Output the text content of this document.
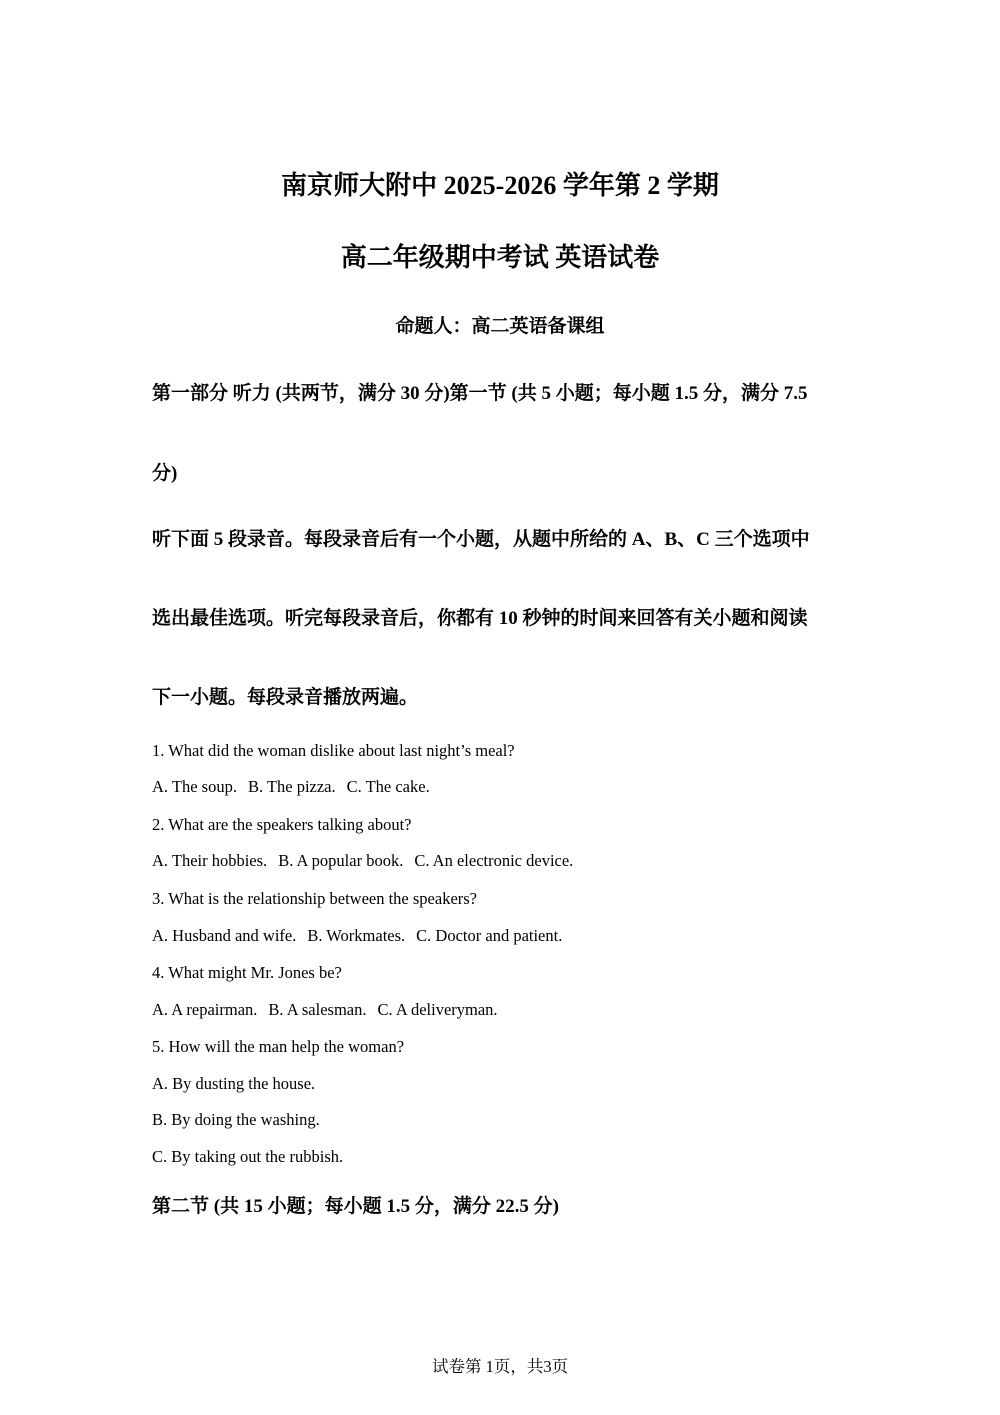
南京师大附中 2025-2026 学年第 2 学期
高二年级期中考试 英语试卷
命题人：高二英语备课组
第一部分 听力 (共两节，满分 30 分)第一节 (共 5 小题；每小题 1.5 分，满分 7.5
分)
听下面 5 段录音。每段录音后有一个小题，从题中所给的 A、B、C 三个选项中
选出最佳选项。听完每段录音后，你都有 10 秒钟的时间来回答有关小题和阅读
下一小题。每段录音播放两遍。
1. What did the woman dislike about last night’s meal?
A. The soup. B. The pizza. C. The cake.
2. What are the speakers talking about?
A. Their hobbies. B. A popular book. C. An electronic device.
3. What is the relationship between the speakers?
A. Husband and wife. B. Workmates. C. Doctor and patient.
4. What might Mr. Jones be?
A. A repairman. B. A salesman. C. A deliveryman.
5. How will the man help the woman?
A. By dusting the house.
B. By doing the washing.
C. By taking out the rubbish.
第二节 (共 15 小题；每小题 1.5 分，满分 22.5 分)
试卷第 1页，共3页
